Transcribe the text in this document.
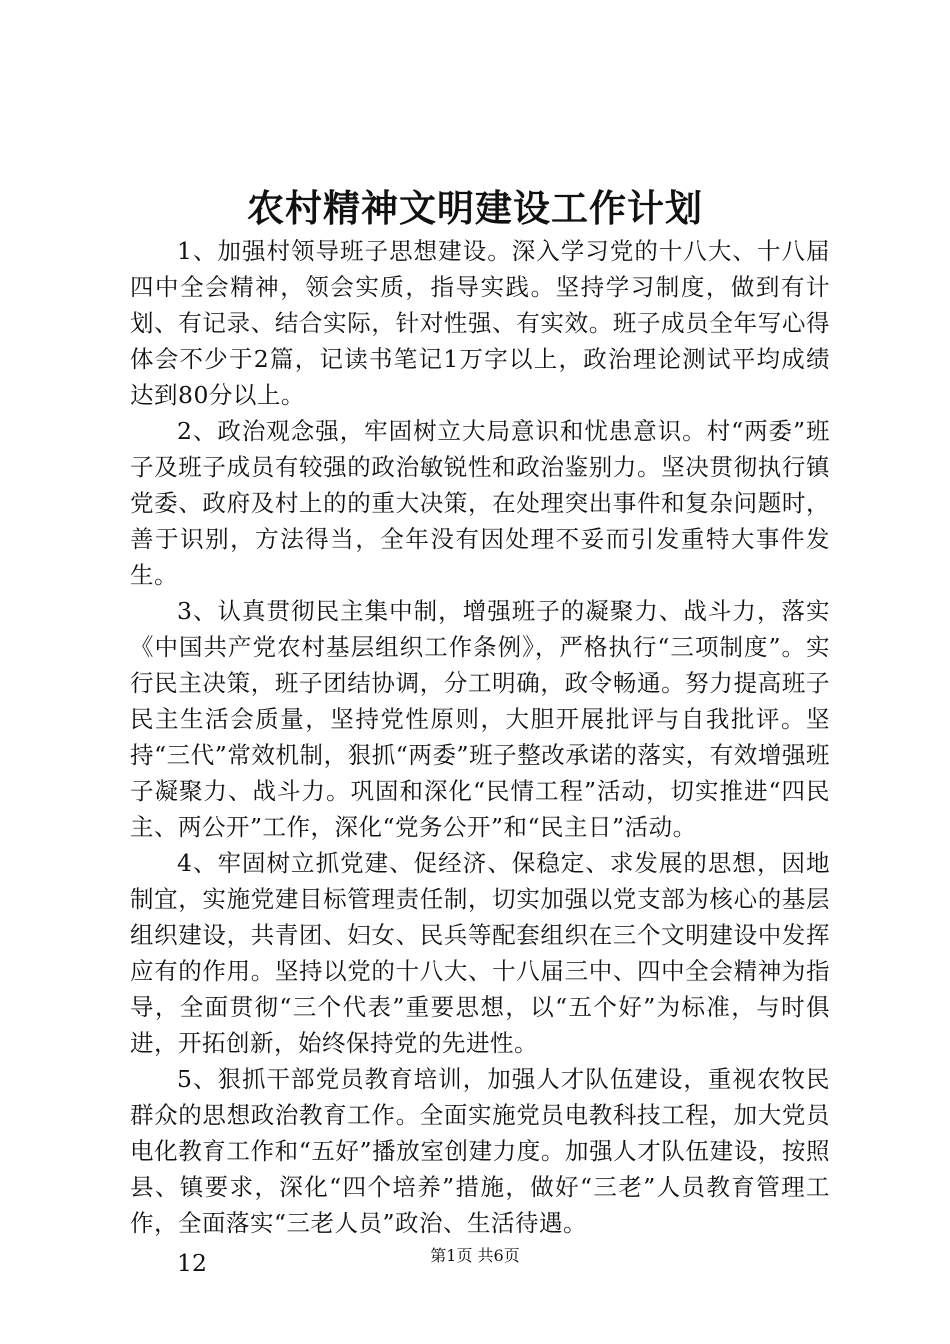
农村精神文明建设工作计划

1、加强村领导班子思想建设。深入学习党的十八大、十八届四中全会精神，领会实质，指导实践。坚持学习制度，做到有计划、有记录、结合实际，针对性强、有实效。班子成员全年写心得体会不少于2篇，记读书笔记1万字以上，政治理论测试平均成绩达到80分以上。

2、政治观念强，牢固树立大局意识和忧患意识。村“两委”班子及班子成员有较强的政治敏锐性和政治鉴别力。坚决贯彻执行镇党委、政府及村上的的重大决策，在处理突出事件和复杂问题时，善于识别，方法得当，全年没有因处理不妥而引发重特大事件发生。

3、认真贯彻民主集中制，增强班子的凝聚力、战斗力，落实《中国共产党农村基层组织工作条例》，严格执行“三项制度”。实行民主决策，班子团结协调，分工明确，政令畅通。努力提高班子民主生活会质量，坚持党性原则，大胆开展批评与自我批评。坚持“三代”常效机制，狠抓“两委”班子整改承诺的落实，有效增强班子凝聚力、战斗力。巩固和深化“民情工程”活动，切实推进“四民主、两公开”工作，深化“党务公开”和“民主日”活动。

4、牢固树立抓党建、促经济、保稳定、求发展的思想，因地制宜，实施党建目标管理责任制，切实加强以党支部为核心的基层组织建设，共青团、妇女、民兵等配套组织在三个文明建设中发挥应有的作用。坚持以党的十八大、十八届三中、四中全会精神为指导，全面贯彻“三个代表”重要思想，以“五个好”为标准，与时俱进，开拓创新，始终保持党的先进性。

5、狠抓干部党员教育培训，加强人才队伍建设，重视农牧民群众的思想政治教育工作。全面实施党员电教科技工程，加大党员电化教育工作和“五好”播放室创建力度。加强人才队伍建设，按照县、镇要求，深化“四个培养”措施，做好“三老”人员教育管理工作，全面落实“三老人员”政治、生活待遇。

12	第1页 共6页
